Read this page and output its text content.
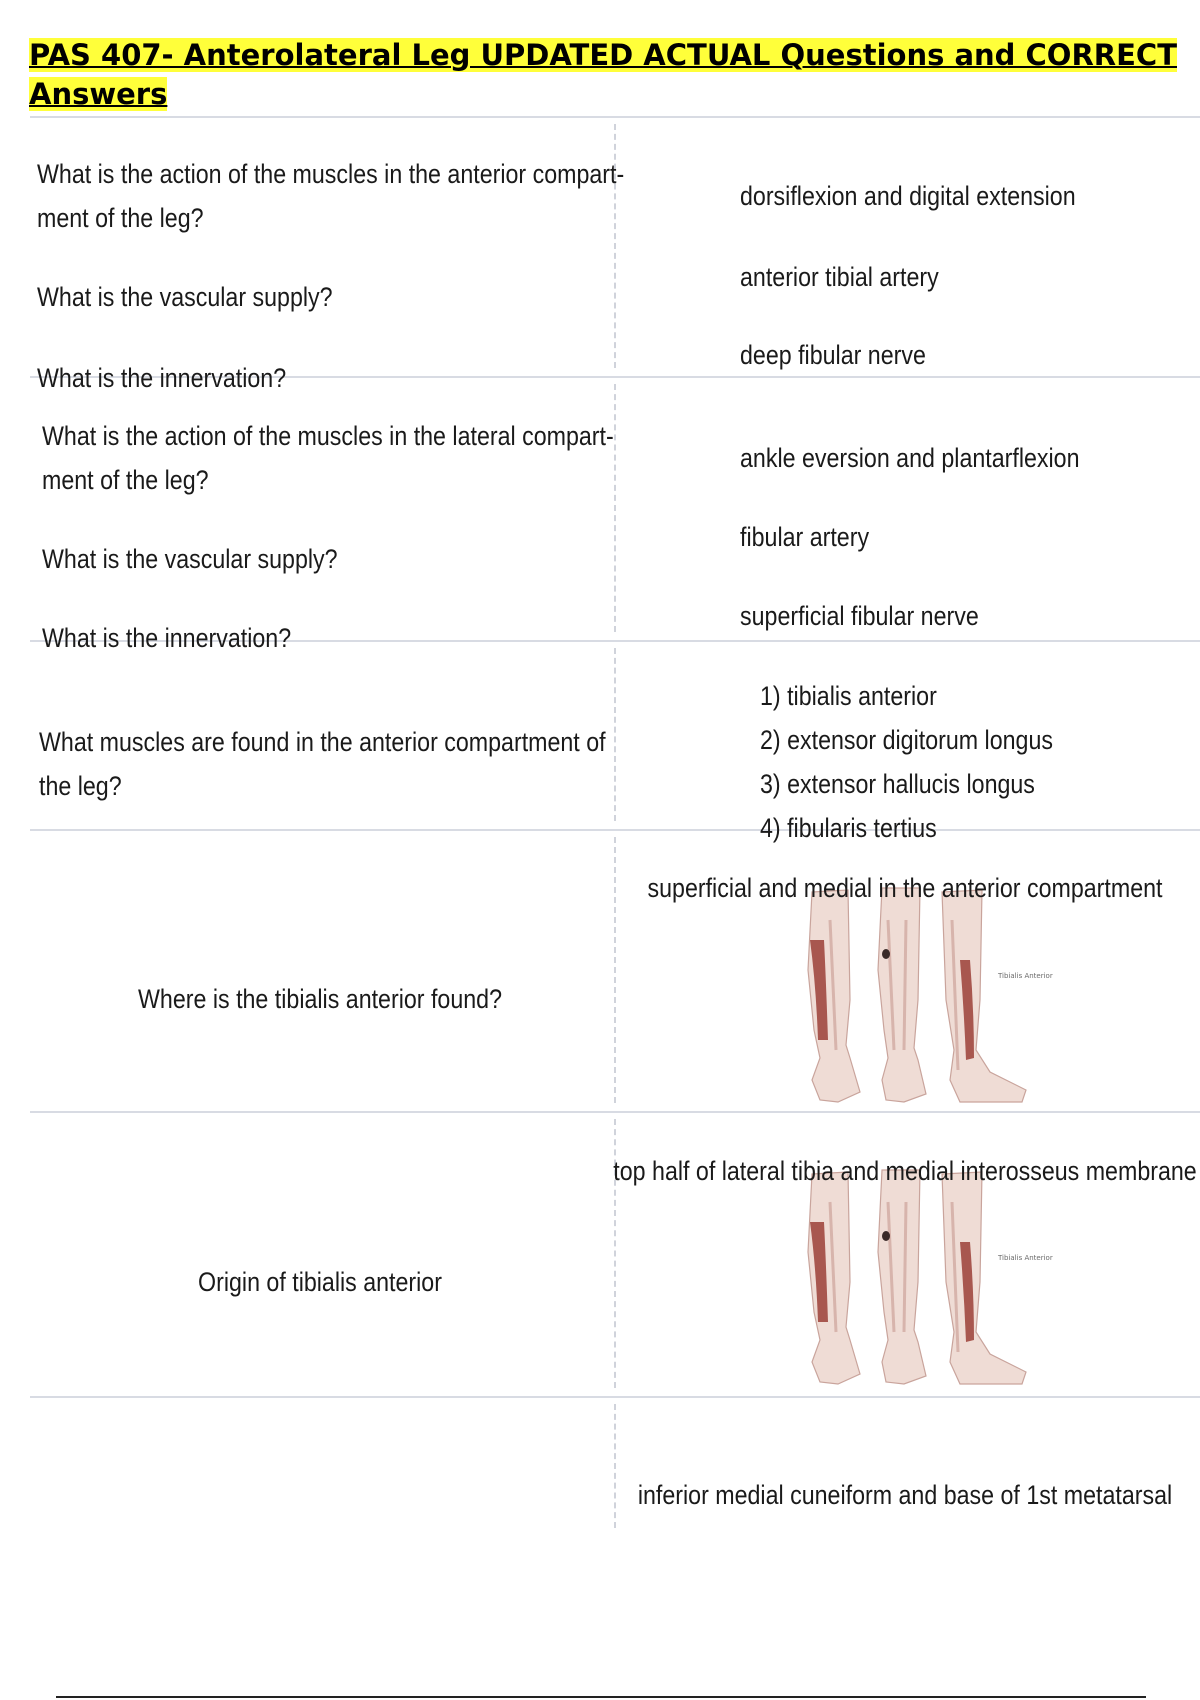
PAS 407- Anterolateral Leg UPDATED ACTUAL Questions and CORRECT Answers
What is the action of the muscles in the anterior compart-
ment of the leg?
What is the vascular supply?
What is the innervation?
dorsiflexion and digital extension
anterior tibial artery
deep fibular nerve
What is the action of the muscles in the lateral compart-
ment of the leg?
What is the vascular supply?
What is the innervation?
ankle eversion and plantarflexion
fibular artery
superficial fibular nerve
What muscles are found in the anterior compartment of
the leg?
1) tibialis anterior
2) extensor digitorum longus
3) extensor hallucis longus
4) fibularis tertius
Where is the tibialis anterior found?
Tibialis Anterior
superficial and medial in the anterior compartment
Origin of tibialis anterior
Tibialis Anterior
top half of lateral tibia and medial interosseus membrane
inferior medial cuneiform and base of 1st metatarsal
